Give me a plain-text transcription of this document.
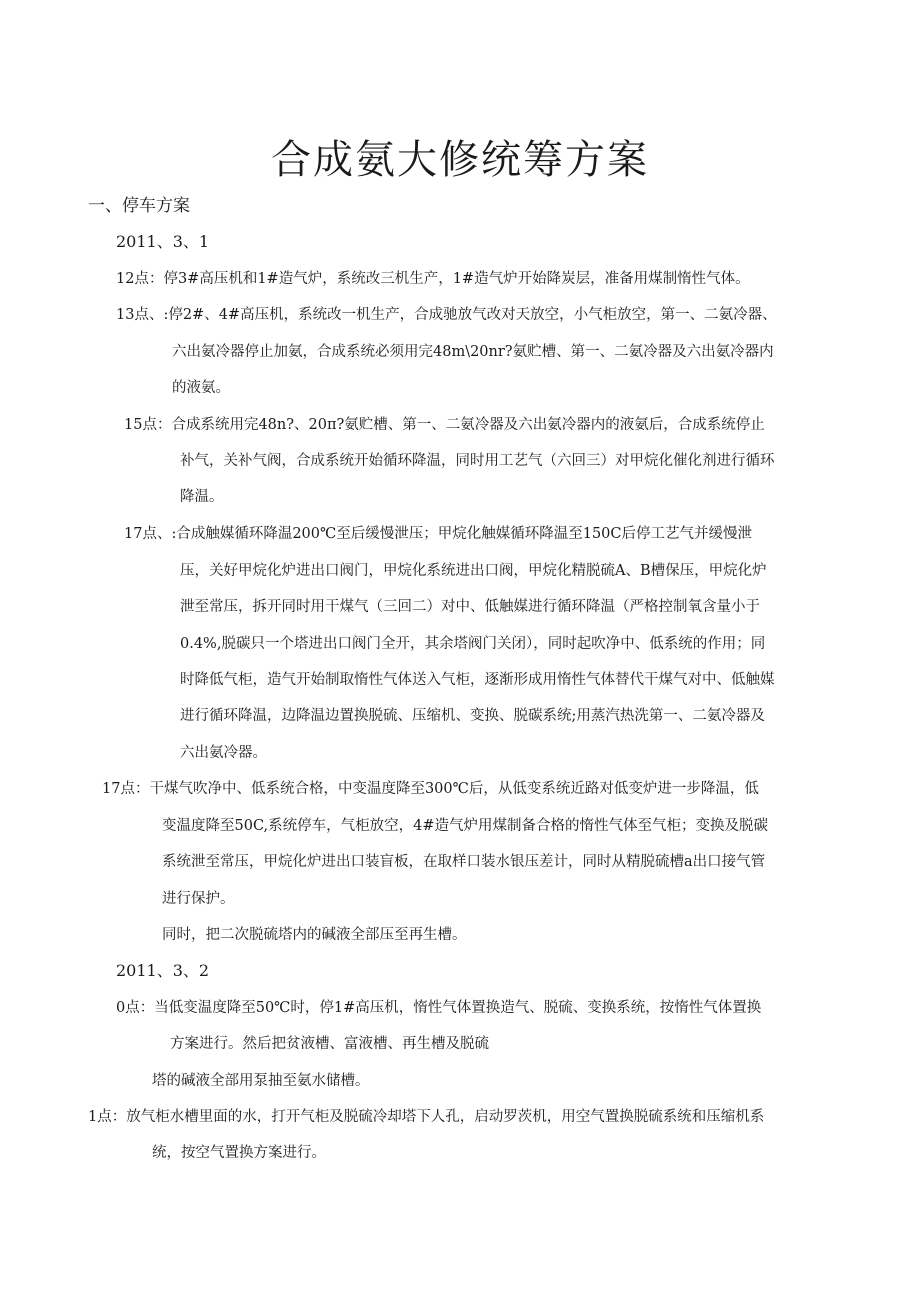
合成氨大修统筹方案
一、停车方案
2011、3、1
12点：停3#高压机和1#造气炉，系统改三机生产，1#造气炉开始降炭层，准备用煤制惰性气体。
13点、:停2#、4#高压机，系统改一机生产，合成驰放气改对天放空，小气柜放空，第一、二氨冷器、
六出氨冷器停止加氨，合成系统必须用完48m\20nr?氨贮槽、第一、二氨冷器及六出氨冷器内
的液氨。
15点：合成系统用完48n?、20π?氨贮槽、第一、二氨冷器及六出氨冷器内的液氨后，合成系统停止
补气，关补气阀，合成系统开始循环降温，同时用工艺气（六回三）对甲烷化催化剂进行循环
降温。
17点、:合成触媒循环降温200℃至后缓慢泄压；甲烷化触媒循环降温至150C后停工艺气并缓慢泄
压，关好甲烷化炉进出口阀门，甲烷化系统进出口阀，甲烷化精脱硫A、B槽保压，甲烷化炉
泄至常压，拆开同时用干煤气（三回二）对中、低触媒进行循环降温（严格控制氧含量小于
0.4%,脱碳只一个塔进出口阀门全开，其余塔阀门关闭），同时起吹净中、低系统的作用；同
时降低气柜，造气开始制取惰性气体送入气柜，逐渐形成用惰性气体替代干煤气对中、低触媒
进行循环降温，边降温边置换脱硫、压缩机、变换、脱碳系统;用蒸汽热洗第一、二氨冷器及
六出氨冷器。
17点：干煤气吹净中、低系统合格，中变温度降至300℃后，从低变系统近路对低变炉进一步降温，低
变温度降至50C,系统停车，气柜放空，4#造气炉用煤制备合格的惰性气体至气柜；变换及脱碳
系统泄至常压，甲烷化炉进出口装盲板，在取样口装水银压差计，同时从精脱硫槽a出口接气管
进行保护。
同时，把二次脱硫塔内的碱液全部压至再生槽。
2011、3、2
0点：当低变温度降至50℃时，停1#高压机，惰性气体置换造气、脱硫、变换系统，按惰性气体置换
方案进行。然后把贫液槽、富液槽、再生槽及脱硫
塔的碱液全部用泵抽至氨水储槽。
1点：放气柜水槽里面的水，打开气柜及脱硫冷却塔下人孔，启动罗茨机，用空气置换脱硫系统和压缩机系
统，按空气置换方案进行。
